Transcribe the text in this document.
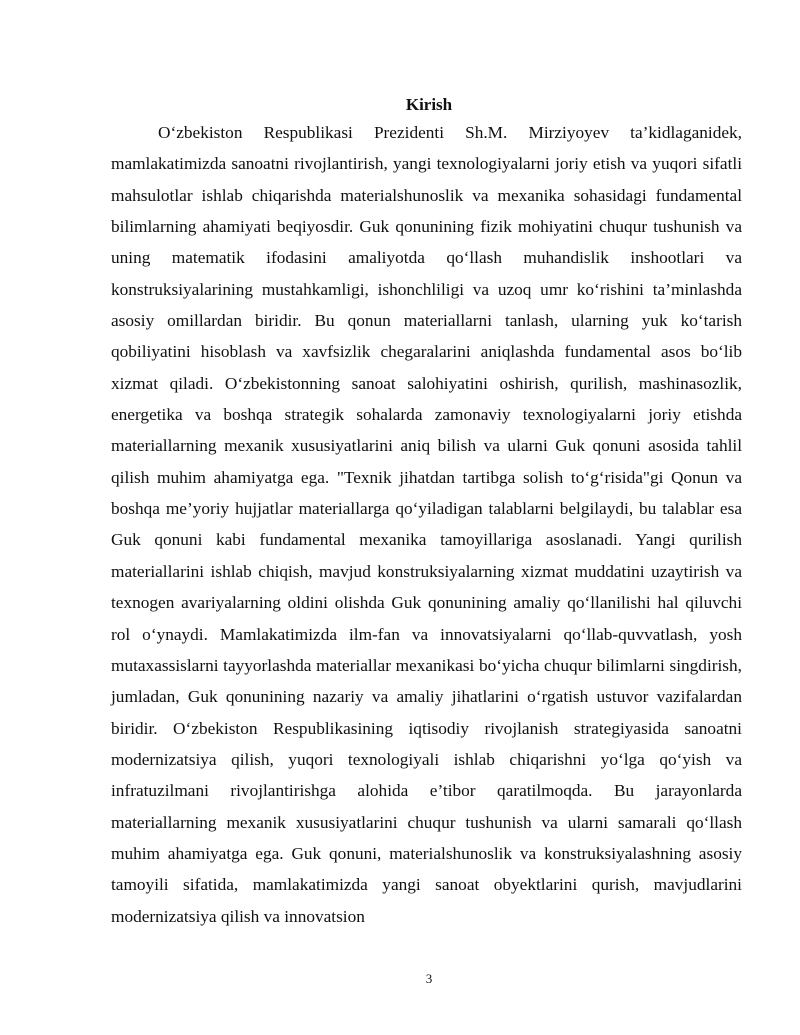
Kirish

O‘zbekiston Respublikasi Prezidenti Sh.M. Mirziyoyev ta’kidlaganidek, mamlakatimizda sanoatni rivojlantirish, yangi texnologiyalarni joriy etish va yuqori sifatli mahsulotlar ishlab chiqarishda materialshunoslik va mexanika sohasidagi fundamental bilimlarning ahamiyati beqiyosdir. Guk qonunining fizik mohiyatini chuqur tushunish va uning matematik ifodasini amaliyotda qo‘llash muhandislik inshootlari va konstruksiyalarining mustahkamligi, ishonchliligi va uzoq umr ko‘rishini ta’minlashda asosiy omillardan biridir. Bu qonun materiallarni tanlash, ularning yuk ko‘tarish qobiliyatini hisoblash va xavfsizlik chegaralarini aniqlashda fundamental asos bo‘lib xizmat qiladi. O‘zbekistonning sanoat salohiyatini oshirish, qurilish, mashinasozlik, energetika va boshqa strategik sohalarda zamonaviy texnologiyalarni joriy etishda materiallarning mexanik xususiyatlarini aniq bilish va ularni Guk qonuni asosida tahlil qilish muhim ahamiyatga ega. "Texnik jihatdan tartibga solish to‘g‘risida"gi Qonun va boshqa me’yoriy hujjatlar materiallarga qo‘yiladigan talablarni belgilaydi, bu talablar esa Guk qonuni kabi fundamental mexanika tamoyillariga asoslanadi. Yangi qurilish materiallarini ishlab chiqish, mavjud konstruksiyalarning xizmat muddatini uzaytirish va texnogen avariyalarning oldini olishda Guk qonunining amaliy qo‘llanilishi hal qiluvchi rol o‘ynaydi. Mamlakatimizda ilm-fan va innovatsiyalarni qo‘llab-quvvatlash, yosh mutaxassislarni tayyorlashda materiallar mexanikasi bo‘yicha chuqur bilimlarni singdirish, jumladan, Guk qonunining nazariy va amaliy jihatlarini o‘rgatish ustuvor vazifalardan biridir. O‘zbekiston Respublikasining iqtisodiy rivojlanish strategiyasida sanoatni modernizatsiya qilish, yuqori texnologiyali ishlab chiqarishni yo‘lga qo‘yish va infratuzilmani rivojlantirishga alohida e’tibor qaratilmoqda. Bu jarayonlarda materiallarning mexanik xususiyatlarini chuqur tushunish va ularni samarali qo‘llash muhim ahamiyatga ega. Guk qonuni, materialshunoslik va konstruksiyalashning asosiy tamoyili sifatida, mamlakatimizda yangi sanoat obyektlarini qurish, mavjudlarini modernizatsiya qilish va innovatsion

3
